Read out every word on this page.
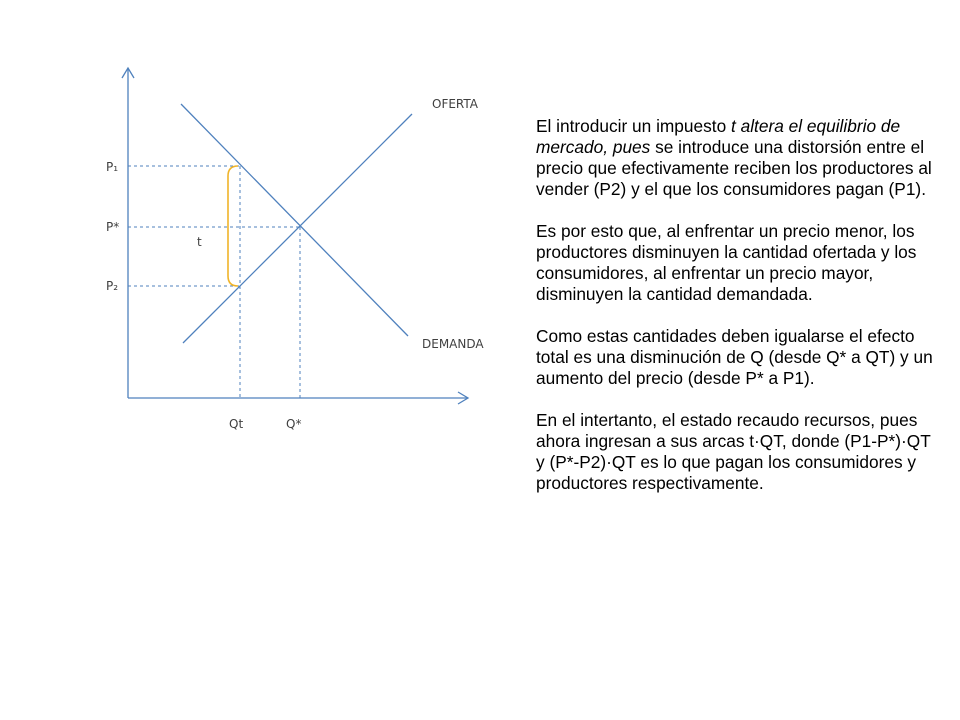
OFERTA
DEMANDA
P₁
P*
P₂
t
Qt	Q*

El introducir un impuesto t altera el equilibrio de mercado, pues se introduce una distorsión entre el precio que efectivamente reciben los productores al vender (P2) y el que los consumidores pagan (P1).

Es por esto que, al enfrentar un precio menor, los productores disminuyen la cantidad ofertada y los consumidores, al enfrentar un precio mayor, disminuyen la cantidad demandada.

Como estas cantidades deben igualarse el efecto total es una disminución de Q (desde Q* a QT) y un aumento del precio (desde P* a P1).

En el intertanto, el estado recaudo recursos, pues ahora ingresan a sus arcas t·QT, donde (P1-P*)·QT y (P*-P2)·QT es lo que pagan los consumidores y productores respectivamente.
